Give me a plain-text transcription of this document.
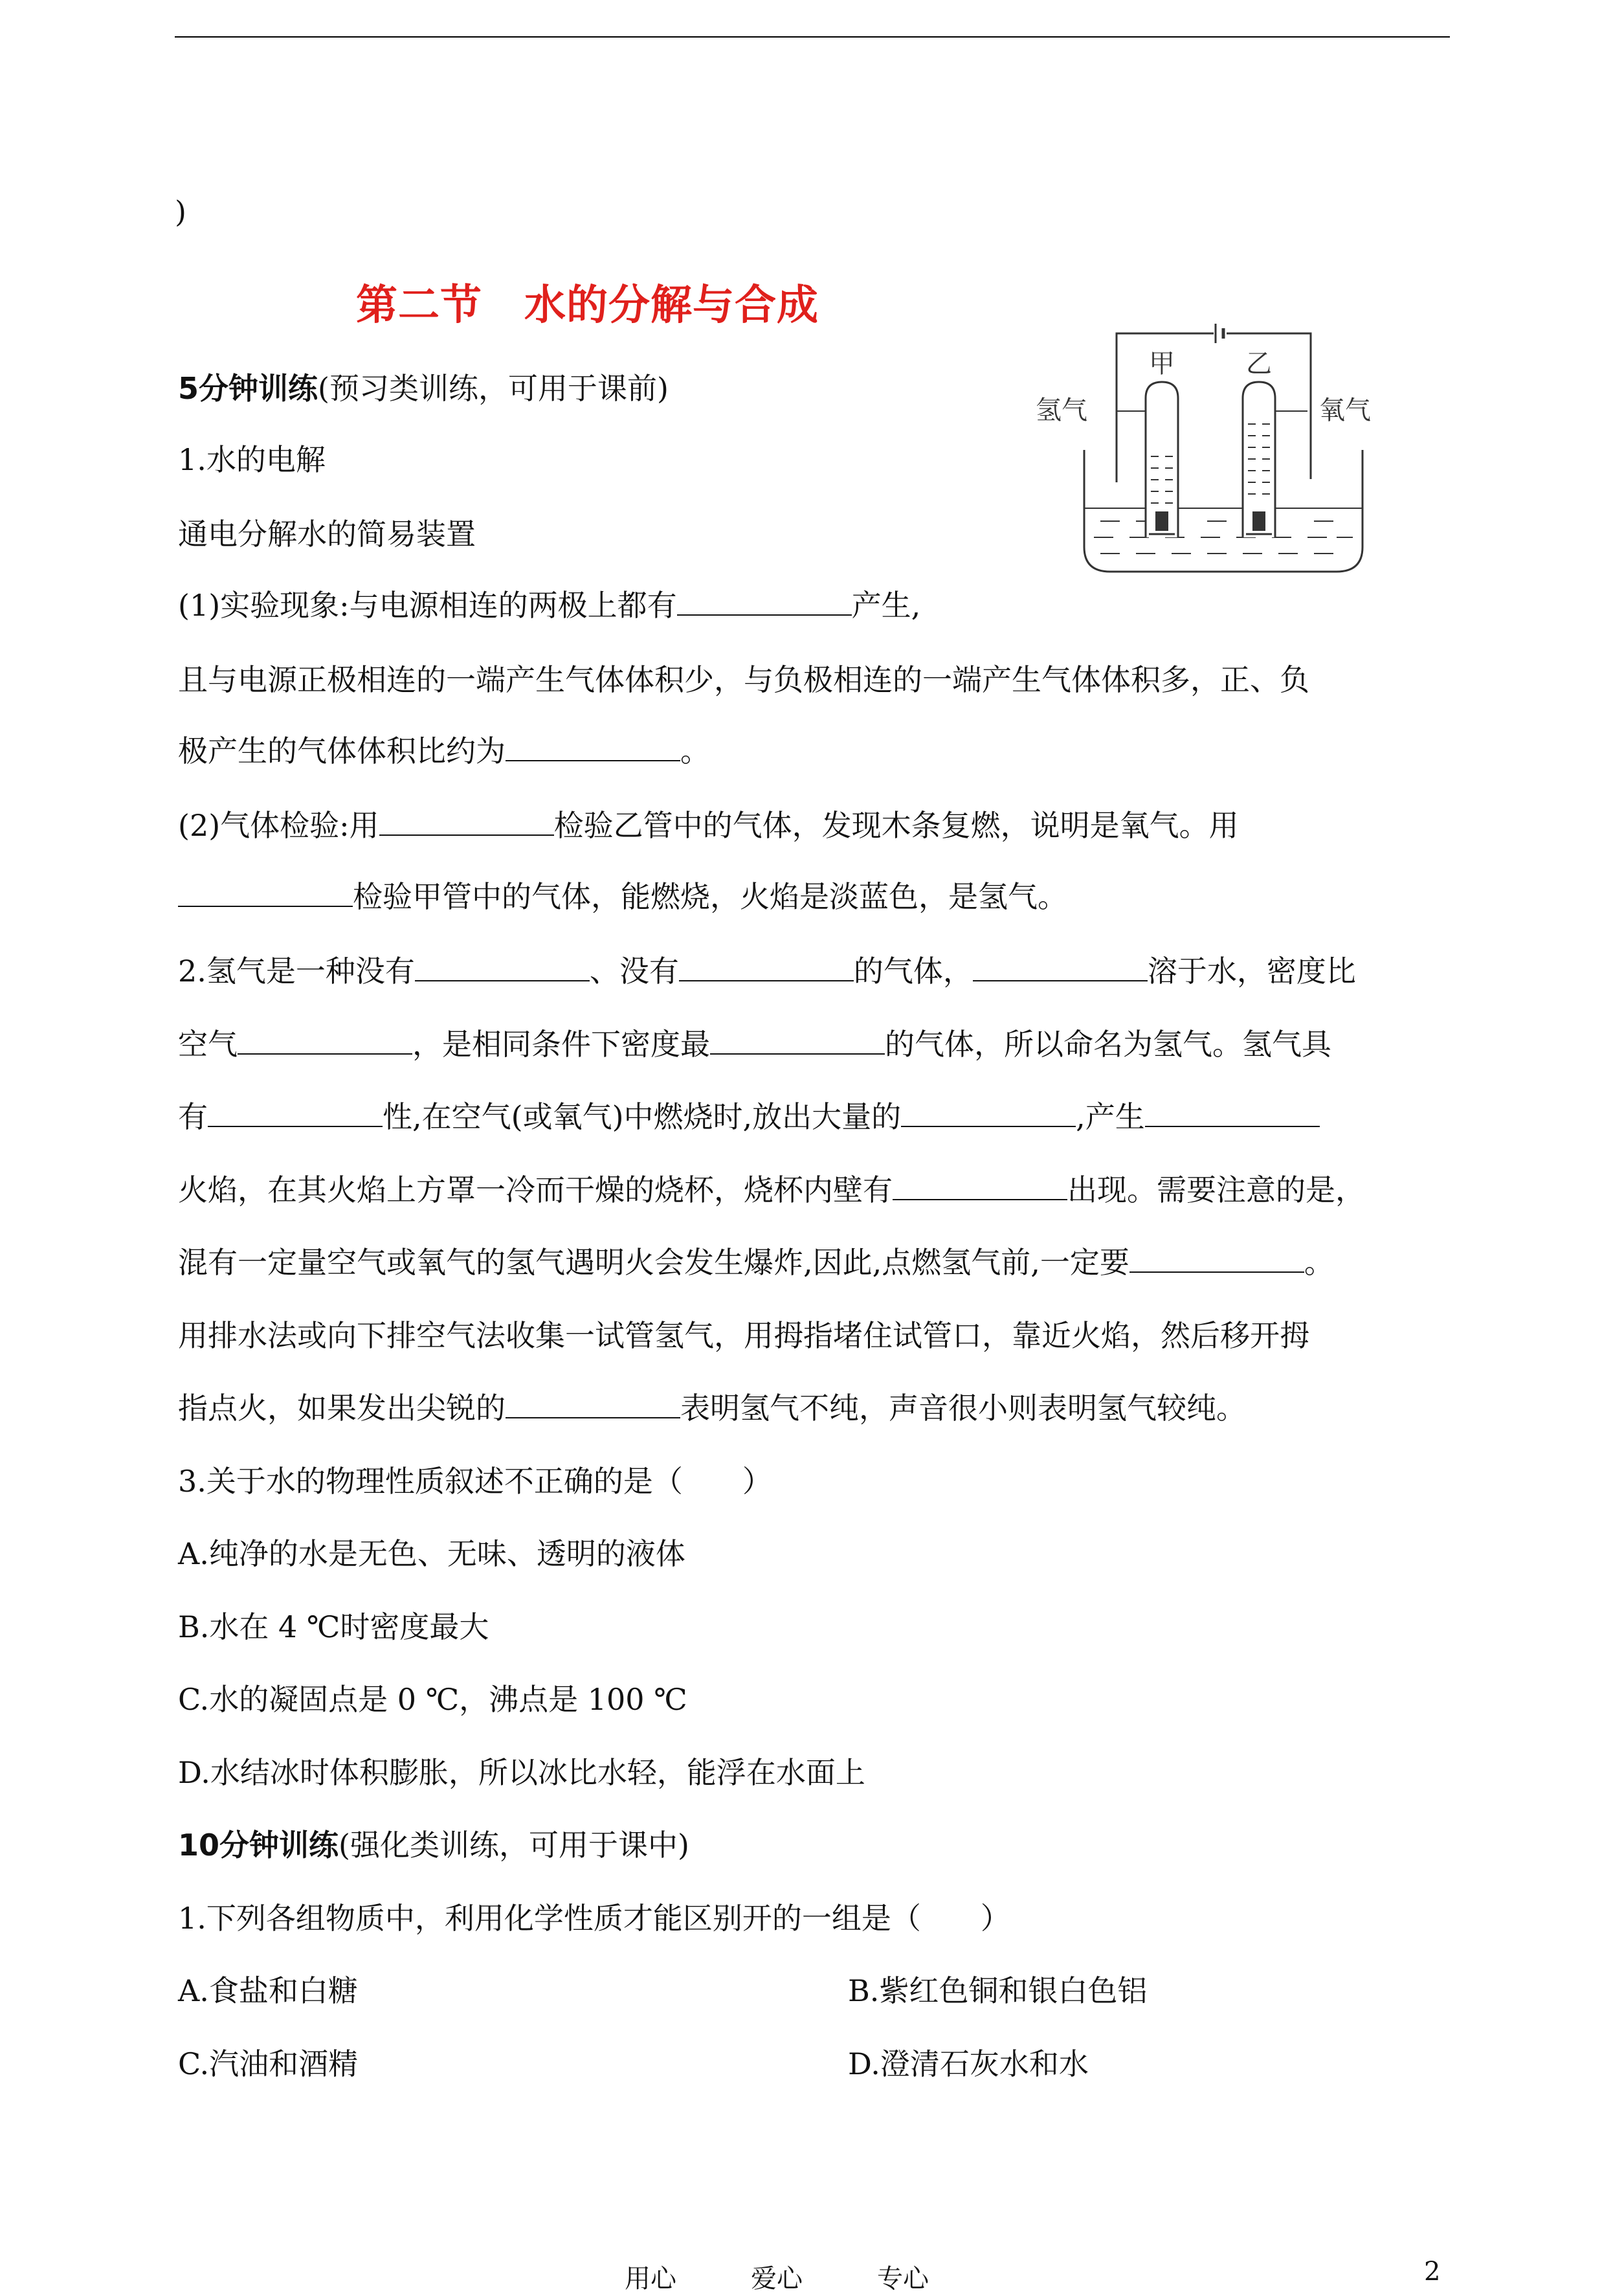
)
第二节　水的分解与合成
5分钟训练(预习类训练，可用于课前)
氢气	氧气
甲	乙
1.水的电解
通电分解水的简易装置
(1)实验现象:与电源相连的两极上都有	产生,
且与电源正极相连的一端产生气体体积少，与负极相连的一端产生气体体积多，正、负
极产生的气体体积比约为	。
(2)气体检验:用	检验乙管中的气体，发现木条复燃，说明是氧气。用
检验甲管中的气体，能燃烧，火焰是淡蓝色，是氢气。
2.氢气是一种没有	、没有	的气体，	溶于水，密度比
空气	，是相同条件下密度最	的气体，所以命名为氢气。氢气具
有	性,在空气(或氧气)中燃烧时,放出大量的	,产生
火焰，在其火焰上方罩一冷而干燥的烧杯，烧杯内壁有	出现。需要注意的是，
混有一定量空气或氧气的氢气遇明火会发生爆炸,因此,点燃氢气前,一定要	。
用排水法或向下排空气法收集一试管氢气，用拇指堵住试管口，靠近火焰，然后移开拇
指点火，如果发出尖锐的	表明氢气不纯，声音很小则表明氢气较纯。
3.关于水的物理性质叙述不正确的是（　　）
A.纯净的水是无色、无味、透明的液体
B.水在 4 ℃时密度最大
C.水的凝固点是 0 ℃，沸点是 100 ℃
D.水结冰时体积膨胀，所以冰比水轻，能浮在水面上
10分钟训练(强化类训练，可用于课中)
1.下列各组物质中，利用化学性质才能区别开的一组是（　　）
A.食盐和白糖	B.紫红色铜和银白色铝
C.汽油和酒精	D.澄清石灰水和水
用心	爱心	专心	2
